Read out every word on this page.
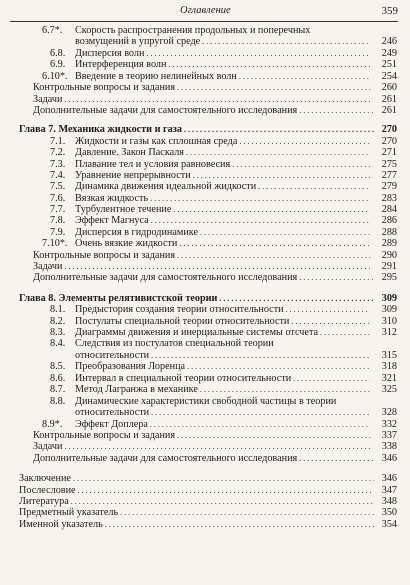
Оглавление	359
6.7*. Скорость распространения продольных и поперечных
возмущений в упругой среде . . .	246
6.8. Дисперсия волн . . .	249
6.9. Интерференция волн . . .	251
6.10*. Введение в теорию нелинейных волн . . .	254
Контрольные вопросы и задания . . .	260
Задачи . . .	261
Дополнительные задачи для самостоятельного исследования . . .	261
Глава 7. Механика жидкости и газа . . .	270
7.1. Жидкости и газы как сплошная среда . . .	270
7.2. Давление. Закон Паскаля . . .	271
7.3. Плавание тел и условия равновесия . . .	275
7.4. Уравнение непрерывности . . .	277
7.5. Динамика движения идеальной жидкости . . .	279
7.6. Вязкая жидкость . . .	283
7.7. Турбулентное течение . . .	284
7.8. Эффект Магнуса . . .	286
7.9. Дисперсия в гидродинамике . . .	288
7.10*. Очень вязкие жидкости . . .	289
Контрольные вопросы и задания . . .	290
Задачи . . .	291
Дополнительные задачи для самостоятельного исследования . . .	295
Глава 8. Элементы релятивистской теории . . .	309
8.1. Предыстория создания теории относительности . . .	309
8.2. Постулаты специальной теории относительности . . .	310
8.3. Диаграммы движения и инерциальные системы отсчета . . .	312
8.4. Следствия из постулатов специальной теории
относительности . . .	315
8.5. Преобразования Лоренца . . .	318
8.6. Интервал в специальной теории относительности . . .	321
8.7. Метод Лагранжа в механике . . .	325
8.8. Динамические характеристики свободной частицы в теории
относительности . . .	328
8.9*. Эффект Доплера . . .	332
Контрольные вопросы и задания . . .	337
Задачи . . .	338
Дополнительные задачи для самостоятельного исследования . . .	346
Заключение . . .	346
Послесловие . . .	347
Литература . . .	348
Предметный указатель . . .	350
Именной указатель . . .	354
